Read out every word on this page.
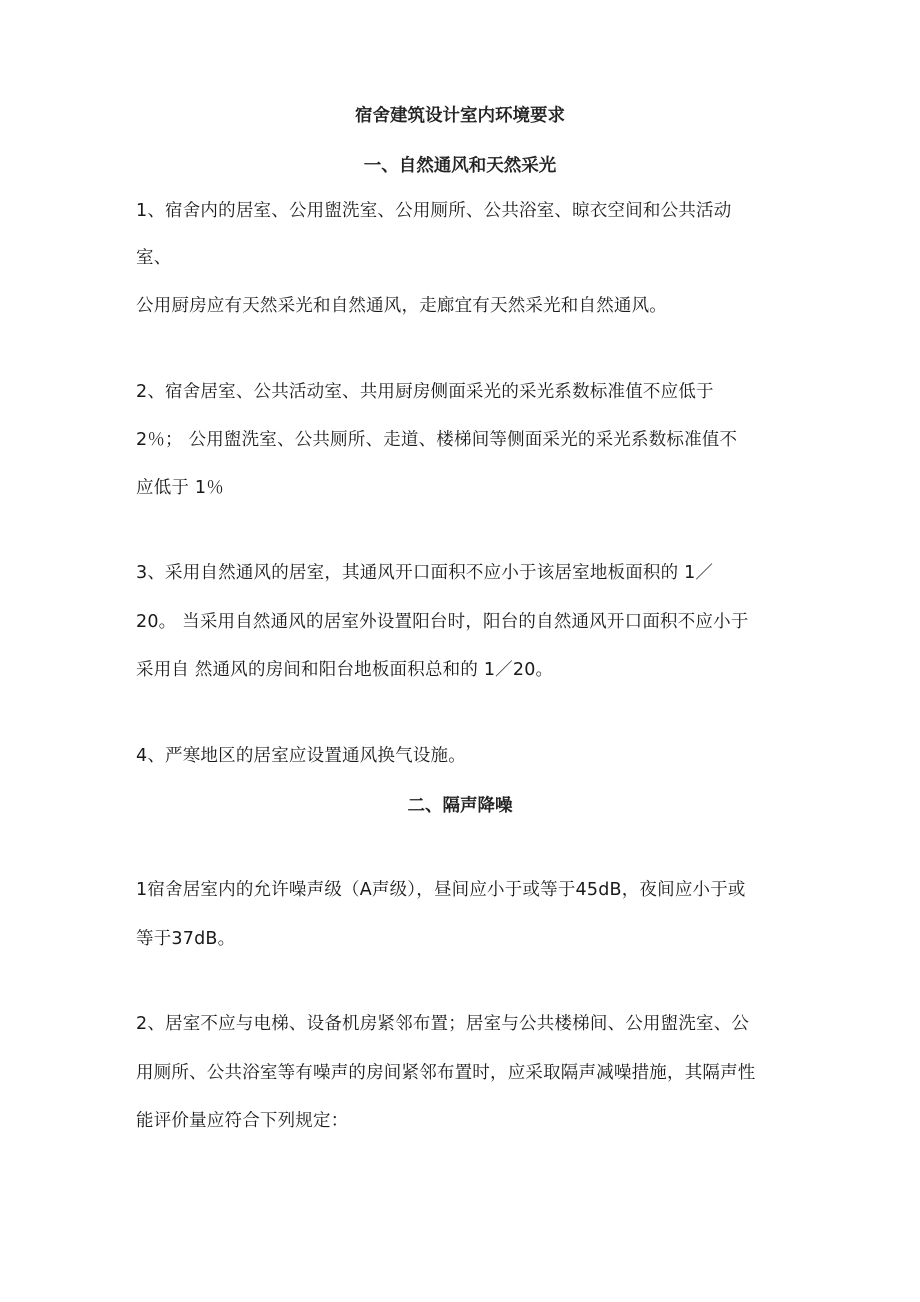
宿舍建筑设计室内环境要求
一、自然通风和天然采光
1、宿舍内的居室、公用盥洗室、公用厕所、公共浴室、晾衣空间和公共活动
室、
公用厨房应有天然采光和自然通风，走廊宜有天然采光和自然通风。
2、宿舍居室、公共活动室、共用厨房侧面采光的采光系数标准值不应低于
2％； 公用盥洗室、公共厕所、走道、楼梯间等侧面采光的采光系数标准值不
应低于 1％
3、采用自然通风的居室，其通风开口面积不应小于该居室地板面积的 1／
20。 当采用自然通风的居室外设置阳台时，阳台的自然通风开口面积不应小于
采用自 然通风的房间和阳台地板面积总和的 1／20。
4、严寒地区的居室应设置通风换气设施。
二、隔声降噪
1宿舍居室内的允许噪声级（A声级），昼间应小于或等于45dB，夜间应小于或
等于37dB。
2、居室不应与电梯、设备机房紧邻布置；居室与公共楼梯间、公用盥洗室、公
用厕所、公共浴室等有噪声的房间紧邻布置时，应采取隔声减噪措施，其隔声性
能评价量应符合下列规定：
